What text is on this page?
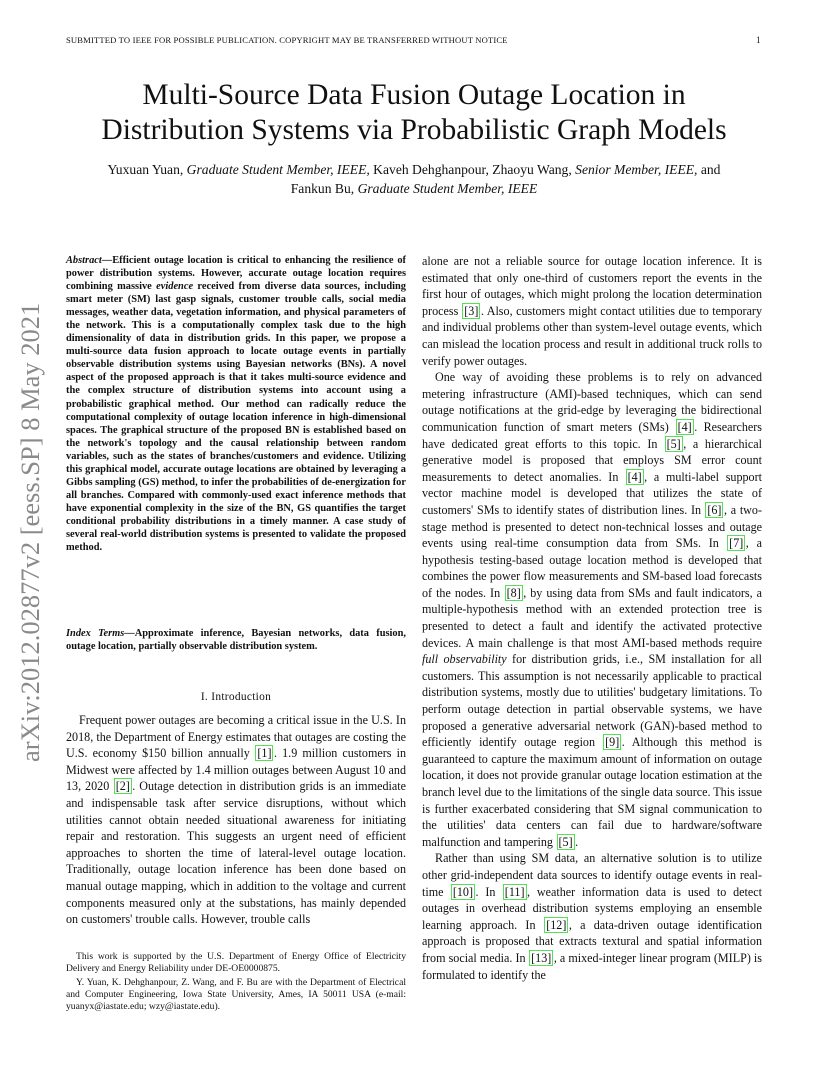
SUBMITTED TO IEEE FOR POSSIBLE PUBLICATION. COPYRIGHT MAY BE TRANSFERRED WITHOUT NOTICE	1
arXiv:2012.02877v2 [eess.SP] 8 May 2021
Multi-Source Data Fusion Outage Location in
Distribution Systems via Probabilistic Graph Models
Yuxuan Yuan, Graduate Student Member, IEEE, Kaveh Dehghanpour, Zhaoyu Wang, Senior Member, IEEE, and
Fankun Bu, Graduate Student Member, IEEE
Abstract—Efficient outage location is critical to enhancing the resilience of power distribution systems. However, accurate outage location requires combining massive evidence received from diverse data sources, including smart meter (SM) last gasp signals, customer trouble calls, social media messages, weather data, vegetation information, and physical parameters of the network. This is a computationally complex task due to the high dimensionality of data in distribution grids. In this paper, we propose a multi-source data fusion approach to locate outage events in partially observable distribution systems using Bayesian networks (BNs). A novel aspect of the proposed approach is that it takes multi-source evidence and the complex structure of distribution systems into account using a probabilistic graphical method. Our method can radically reduce the computational complexity of outage location inference in high-dimensional spaces. The graphical structure of the proposed BN is established based on the network's topology and the causal relationship between random variables, such as the states of branches/customers and evidence. Utilizing this graphical model, accurate outage locations are obtained by leveraging a Gibbs sampling (GS) method, to infer the probabilities of de-energization for all branches. Compared with commonly-used exact inference methods that have exponential complexity in the size of the BN, GS quantifies the target conditional probability distributions in a timely manner. A case study of several real-world distribution systems is presented to validate the proposed method.
Index Terms—Approximate inference, Bayesian networks, data fusion, outage location, partially observable distribution system.
I. Introduction

Frequent power outages are becoming a critical issue in the U.S. In 2018, the Department of Energy estimates that outages are costing the U.S. economy $150 billion annually [1] . 1.9 million customers in Midwest were affected by 1.4 million outages between August 10 and 13, 2020 [2] . Outage detection in distribution grids is an immediate and indispensable task after service disruptions, without which utilities cannot obtain needed situational awareness for initiating repair and restoration. This suggests an urgent need of efficient approaches to shorten the time of lateral-level outage location. Traditionally, outage location inference has been done based on manual outage mapping, which in addition to the voltage and current components measured only at the substations, has mainly depended on customers' trouble calls. However, trouble calls

This work is supported by the U.S. Department of Energy Office of Electricity Delivery and Energy Reliability under DE-OE0000875.

Y. Yuan, K. Dehghanpour, Z. Wang, and F. Bu are with the Department of Electrical and Computer Engineering, Iowa State University, Ames, IA 50011 USA (e-mail: yuanyx@iastate.edu; wzy@iastate.edu).

alone are not a reliable source for outage location inference. It is estimated that only one-third of customers report the events in the first hour of outages, which might prolong the location determination process [3] . Also, customers might contact utilities due to temporary and individual problems other than system-level outage events, which can mislead the location process and result in additional truck rolls to verify power outages.

One way of avoiding these problems is to rely on advanced metering infrastructure (AMI)-based techniques, which can send outage notifications at the grid-edge by leveraging the bidirectional communication function of smart meters (SMs) [4] . Researchers have dedicated great efforts to this topic. In [5] , a hierarchical generative model is proposed that employs SM error count measurements to detect anomalies. In [4] , a multi-label support vector machine model is developed that utilizes the state of customers' SMs to identify states of distribution lines. In [6] , a two-stage method is presented to detect non-technical losses and outage events using real-time consumption data from SMs. In [7] , a hypothesis testing-based outage location method is developed that combines the power flow measurements and SM-based load forecasts of the nodes. In [8] , by using data from SMs and fault indicators, a multiple-hypothesis method with an extended protection tree is presented to detect a fault and identify the activated protective devices. A main challenge is that most AMI-based methods require full observability for distribution grids, i.e., SM installation for all customers. This assumption is not necessarily applicable to practical distribution systems, mostly due to utilities' budgetary limitations. To perform outage detection in partial observable systems, we have proposed a generative adversarial network (GAN)-based method to efficiently identify outage region [9] . Although this method is guaranteed to capture the maximum amount of information on outage location, it does not provide granular outage location estimation at the branch level due to the limitations of the single data source. This issue is further exacerbated considering that SM signal communication to the utilities' data centers can fail due to hardware/software malfunction and tampering [5] .

Rather than using SM data, an alternative solution is to utilize other grid-independent data sources to identify outage events in real-time [10] . In [11] , weather information data is used to detect outages in overhead distribution systems employing an ensemble learning approach. In [12] , a data-driven outage identification approach is proposed that extracts textural and spatial information from social media. In [13] , a mixed-integer linear program (MILP) is formulated to identify the
